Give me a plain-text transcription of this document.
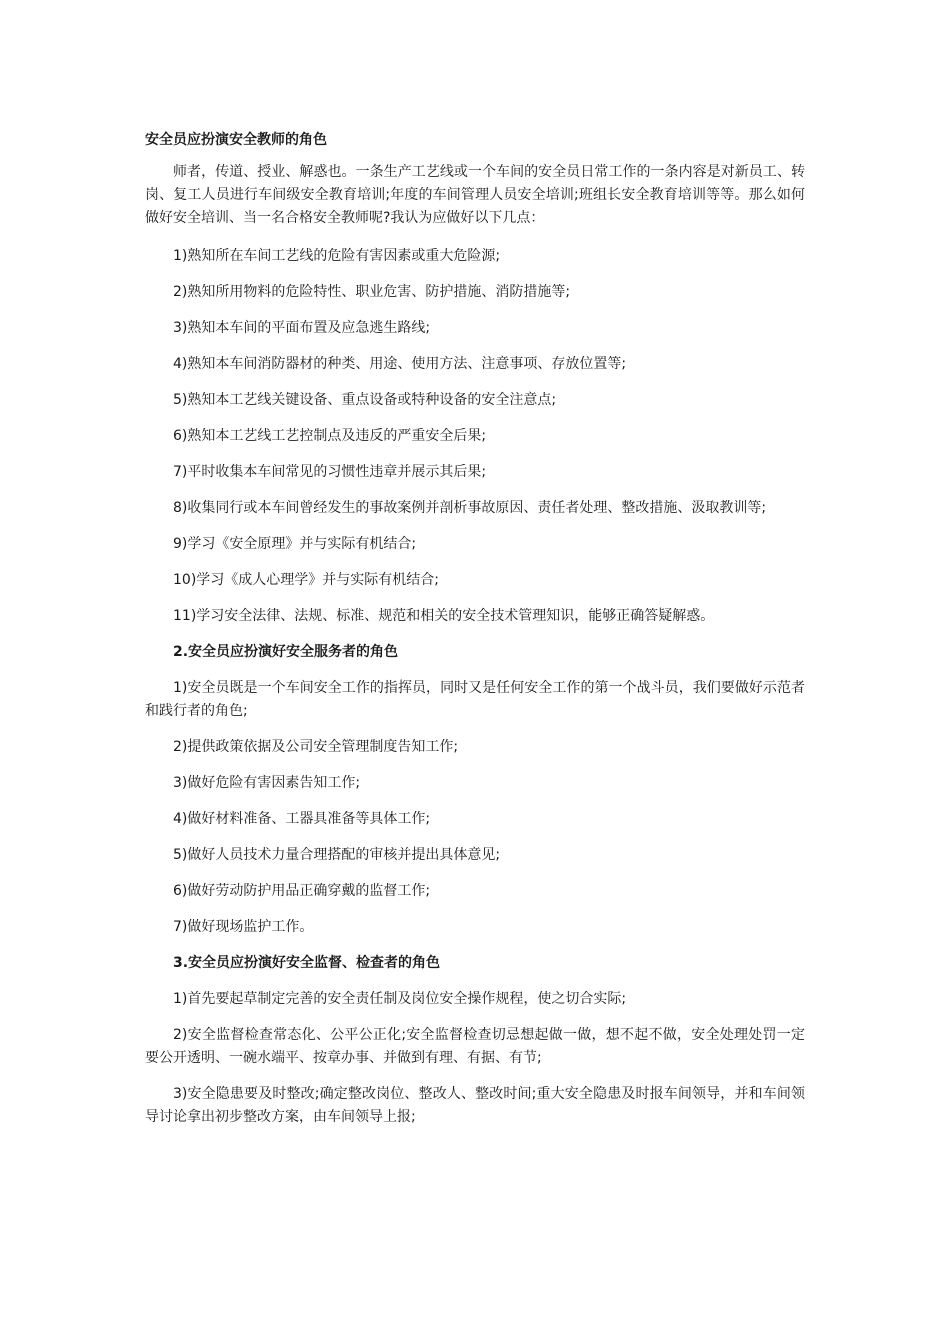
安全员应扮演安全教师的角色

师者，传道、授业、解惑也。一条生产工艺线或一个车间的安全员日常工作的一条内容是对新员工、转岗、复工人员进行车间级安全教育培训;年度的车间管理人员安全培训;班组长安全教育培训等等。那么如何做好安全培训、当一名合格安全教师呢?我认为应做好以下几点：

1)熟知所在车间工艺线的危险有害因素或重大危险源;

2)熟知所用物料的危险特性、职业危害、防护措施、消防措施等;

3)熟知本车间的平面布置及应急逃生路线;

4)熟知本车间消防器材的种类、用途、使用方法、注意事项、存放位置等;

5)熟知本工艺线关键设备、重点设备或特种设备的安全注意点;

6)熟知本工艺线工艺控制点及违反的严重安全后果;

7)平时收集本车间常见的习惯性违章并展示其后果;

8)收集同行或本车间曾经发生的事故案例并剖析事故原因、责任者处理、整改措施、汲取教训等;

9)学习《安全原理》并与实际有机结合;

10)学习《成人心理学》并与实际有机结合;

11)学习安全法律、法规、标准、规范和相关的安全技术管理知识，能够正确答疑解惑。

2.安全员应扮演好安全服务者的角色

1)安全员既是一个车间安全工作的指挥员，同时又是任何安全工作的第一个战斗员，我们要做好示范者和践行者的角色;

2)提供政策依据及公司安全管理制度告知工作;

3)做好危险有害因素告知工作;

4)做好材料准备、工器具准备等具体工作;

5)做好人员技术力量合理搭配的审核并提出具体意见;

6)做好劳动防护用品正确穿戴的监督工作;

7)做好现场监护工作。

3.安全员应扮演好安全监督、检查者的角色

1)首先要起草制定完善的安全责任制及岗位安全操作规程，使之切合实际;

2)安全监督检查常态化、公平公正化;安全监督检查切忌想起做一做，想不起不做，安全处理处罚一定要公开透明、一碗水端平、按章办事、并做到有理、有据、有节;

3)安全隐患要及时整改;确定整改岗位、整改人、整改时间;重大安全隐患及时报车间领导，并和车间领导讨论拿出初步整改方案，由车间领导上报;
